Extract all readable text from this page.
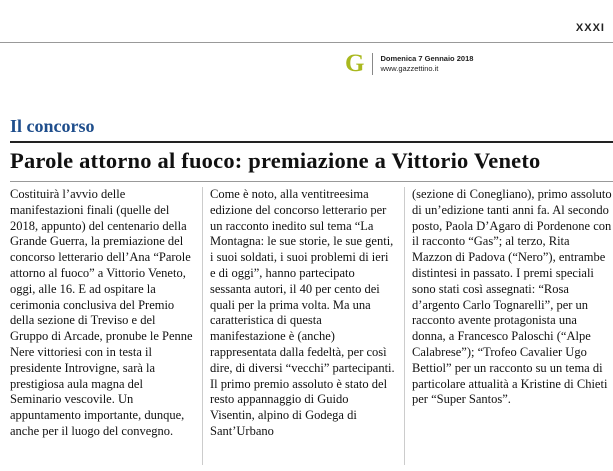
XXXI
G Domenica 7 Gennaio 2018
www.gazzettino.it
Il concorso
Parole attorno al fuoco: premiazione a Vittorio Veneto
Costituirà l’avvio delle manifestazioni finali (quelle del 2018, appunto) del centenario della Grande Guerra, la premiazione del concorso letterario dell’Ana “Parole attorno al fuoco” a Vittorio Veneto, oggi, alle 16. E ad ospitare la cerimonia conclusiva del Premio della sezione di Treviso e del Gruppo di Arcade, pronube le Penne Nere vittoriesi con in testa il presidente Introvigne, sarà la prestigiosa aula magna del Seminario vescovile. Un appuntamento importante, dunque, anche per il luogo del convegno.
Come è noto, alla ventitreesima edizione del concorso letterario per un racconto inedito sul tema “La Montagna: le sue storie, le sue genti, i suoi soldati, i suoi problemi di ieri e di oggi”, hanno partecipato sessanta autori, il 40 per cento dei quali per la prima volta. Ma una caratteristica di questa manifestazione è (anche) rappresentata dalla fedeltà, per così dire, di diversi “vecchi” partecipanti. Il primo premio assoluto è stato del resto appannaggio di Guido Visentin, alpino di Godega di Sant’Urbano
(sezione di Conegliano), primo assoluto di un’edizione tanti anni fa. Al secondo posto, Paola D’Agaro di Pordenone con il racconto “Gas”; al terzo, Rita Mazzon di Padova (“Nero”), entrambe distintesi in passato. I premi speciali sono stati così assegnati: “Rosa d’argento Carlo Tognarelli”, per un racconto avente protagonista una donna, a Francesco Paloschi (“Alpe Calabrese”); “Trofeo Cavalier Ugo Bettiol” per un racconto su un tema di particolare attualità a Kristine di Chieti per “Super Santos”.
